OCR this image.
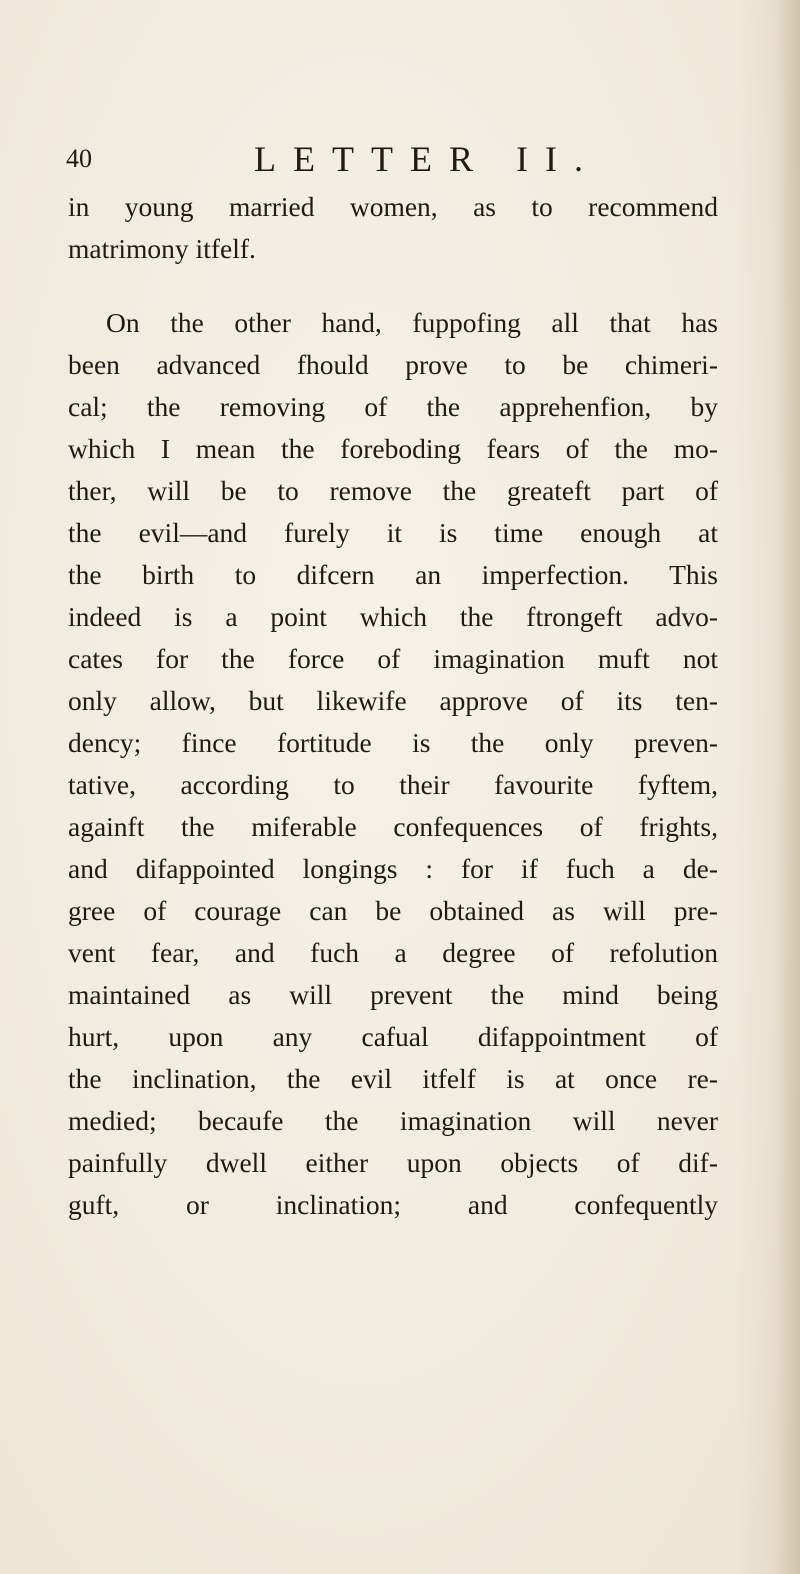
40	LETTER II.
in young married women, as to recommend
matrimony itfelf.
On the other hand, fuppofing all that has
been advanced fhould prove to be chimeri-
cal; the removing of the apprehenfion, by
which I mean the foreboding fears of the mo-
ther, will be to remove the greateft part of
the evil—and furely it is time enough at
the birth to difcern an imperfection. This
indeed is a point which the ftrongeft advo-
cates for the force of imagination muft not
only allow, but likewife approve of its ten-
dency; fince fortitude is the only preven-
tative, according to their favourite fyftem,
againft the miferable confequences of frights,
and difappointed longings : for if fuch a de-
gree of courage can be obtained as will pre-
vent fear, and fuch a degree of refolution
maintained as will prevent the mind being
hurt, upon any cafual difappointment of
the inclination, the evil itfelf is at once re-
medied; becaufe the imagination will never
painfully dwell either upon objects of dif-
guft, or inclination; and confequently
